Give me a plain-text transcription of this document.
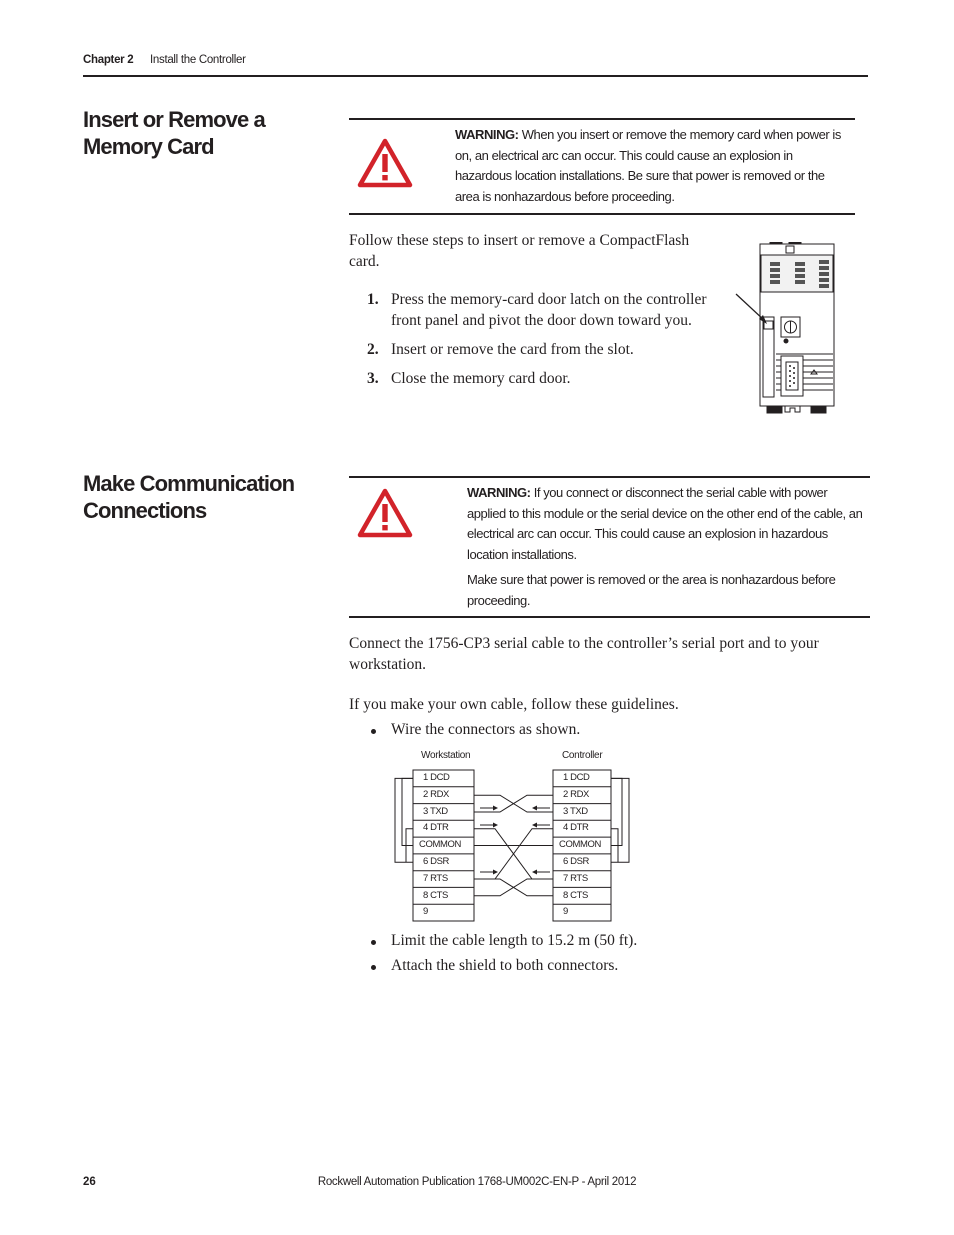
Chapter 2 Install the Controller
Insert or Remove a Memory Card	WARNING: When you insert or remove the memory card when power is on, an electrical arc can occur. This could cause an explosion in hazardous location installations. Be sure that power is removed or the area is nonhazardous before proceeding.

Follow these steps to insert or remove a CompactFlash card.

1. Press the memory-card door latch on the controller front panel and pivot the door down toward you.
2. Insert or remove the card from the slot.
3. Close the memory card door.
Make Communication Connections

WARNING: If you connect or disconnect the serial cable with power applied to this module or the serial device on the other end of the cable, an electrical arc can occur. This could cause an explosion in hazardous location installations.

Make sure that power is removed or the area is nonhazardous before proceeding.

Connect the 1756-CP3 serial cable to the controller’s serial port and to your workstation.

If you make your own cable, follow these guidelines.

Wire the connectors as shown.
Workstation	Controller
1 DCD
2 RDX
3 TXD
4 DTR
COMMON
6 DSR
7 RTS
8 CTS
9
1 DCD
2 RDX
3 TXD
4 DTR
COMMON
6 DSR
7 RTS
8 CTS
9
Limit the cable length to 15.2 m (50 ft).
Attach the shield to both connectors.
26	Rockwell Automation Publication 1768-UM002C-EN-P - April 2012
